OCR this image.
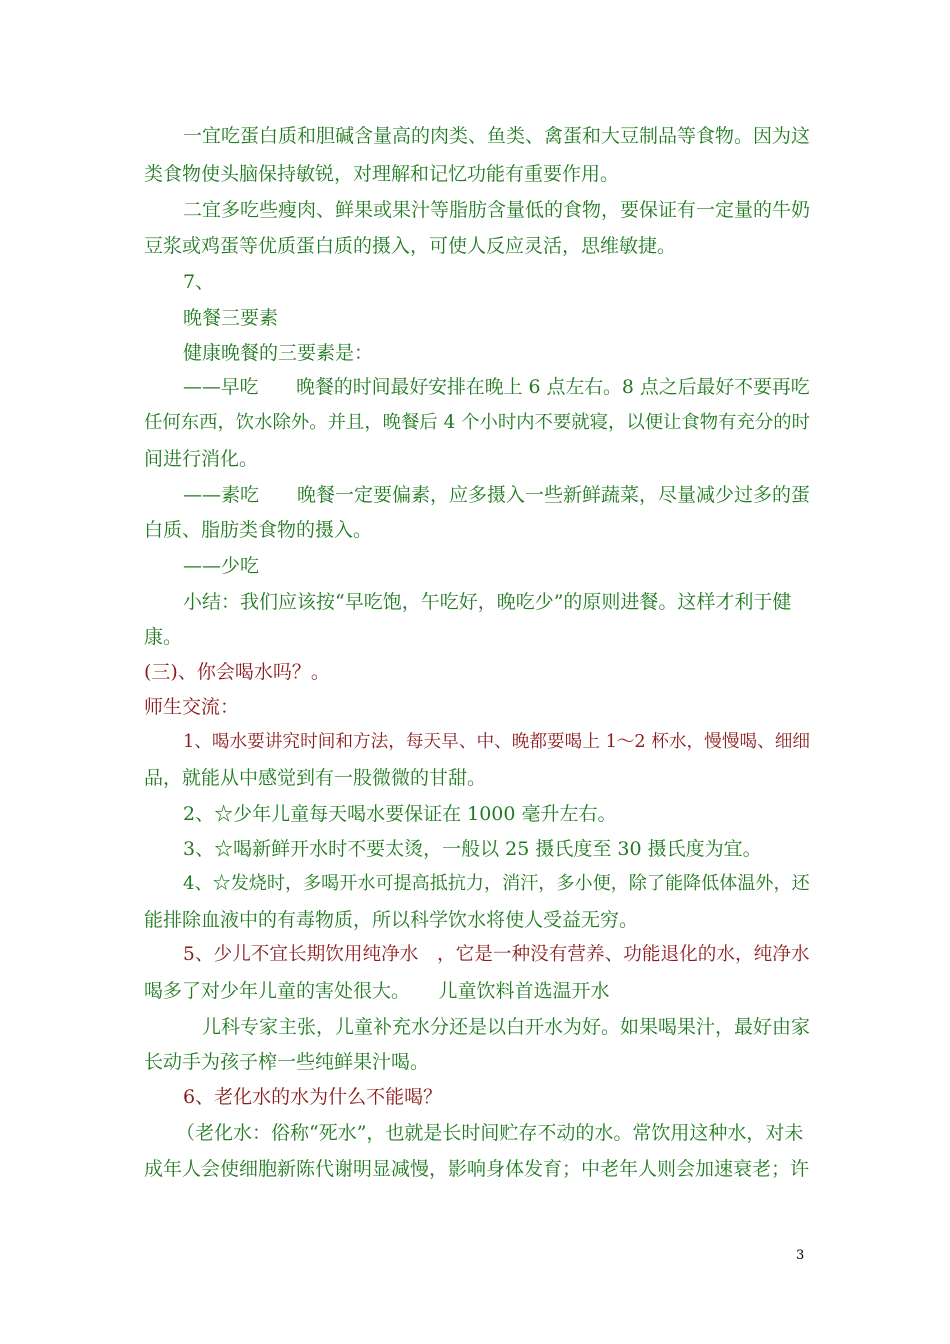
一宜吃蛋白质和胆碱含量高的肉类、鱼类、禽蛋和大豆制品等食物。因为这
类食物使头脑保持敏锐，对理解和记忆功能有重要作用。
二宜多吃些瘦肉、鲜果或果汁等脂肪含量低的食物，要保证有一定量的牛奶
豆浆或鸡蛋等优质蛋白质的摄入，可使人反应灵活，思维敏捷。
7、
晚餐三要素
健康晚餐的三要素是：
——早吃　　晚餐的时间最好安排在晚上 6 点左右。8 点之后最好不要再吃
任何东西，饮水除外。并且，晚餐后 4 个小时内不要就寝，以便让食物有充分的时
间进行消化。
——素吃　　晚餐一定要偏素，应多摄入一些新鲜蔬菜，尽量减少过多的蛋
白质、脂肪类食物的摄入。
——少吃
小结：我们应该按“早吃饱，午吃好，晚吃少”的原则进餐。这样才利于健
康。
(三)、你会喝水吗？。
师生交流：
1、喝水要讲究时间和方法，每天早、中、晚都要喝上 1～2 杯水，慢慢喝、细细
品，就能从中感觉到有一股微微的甘甜。
2、☆少年儿童每天喝水要保证在 1000 毫升左右。
3、☆喝新鲜开水时不要太烫，一般以 25 摄氏度至 30 摄氏度为宜。
4、☆发烧时，多喝开水可提高抵抗力，消汗，多小便，除了能降低体温外，还
能排除血液中的有毒物质，所以科学饮水将使人受益无穷。
5、少儿不宜长期饮用纯净水　，它是一种没有营养、功能退化的水，纯净水
喝多了对少年儿童的害处很大。　　儿童饮料首选温开水
儿科专家主张，儿童补充水分还是以白开水为好。如果喝果汁，最好由家
长动手为孩子榨一些纯鲜果汁喝。
6、老化水的水为什么不能喝？
（老化水：俗称“死水”，也就是长时间贮存不动的水。常饮用这种水，对未
成年人会使细胞新陈代谢明显减慢，影响身体发育；中老年人则会加速衰老；许
3
